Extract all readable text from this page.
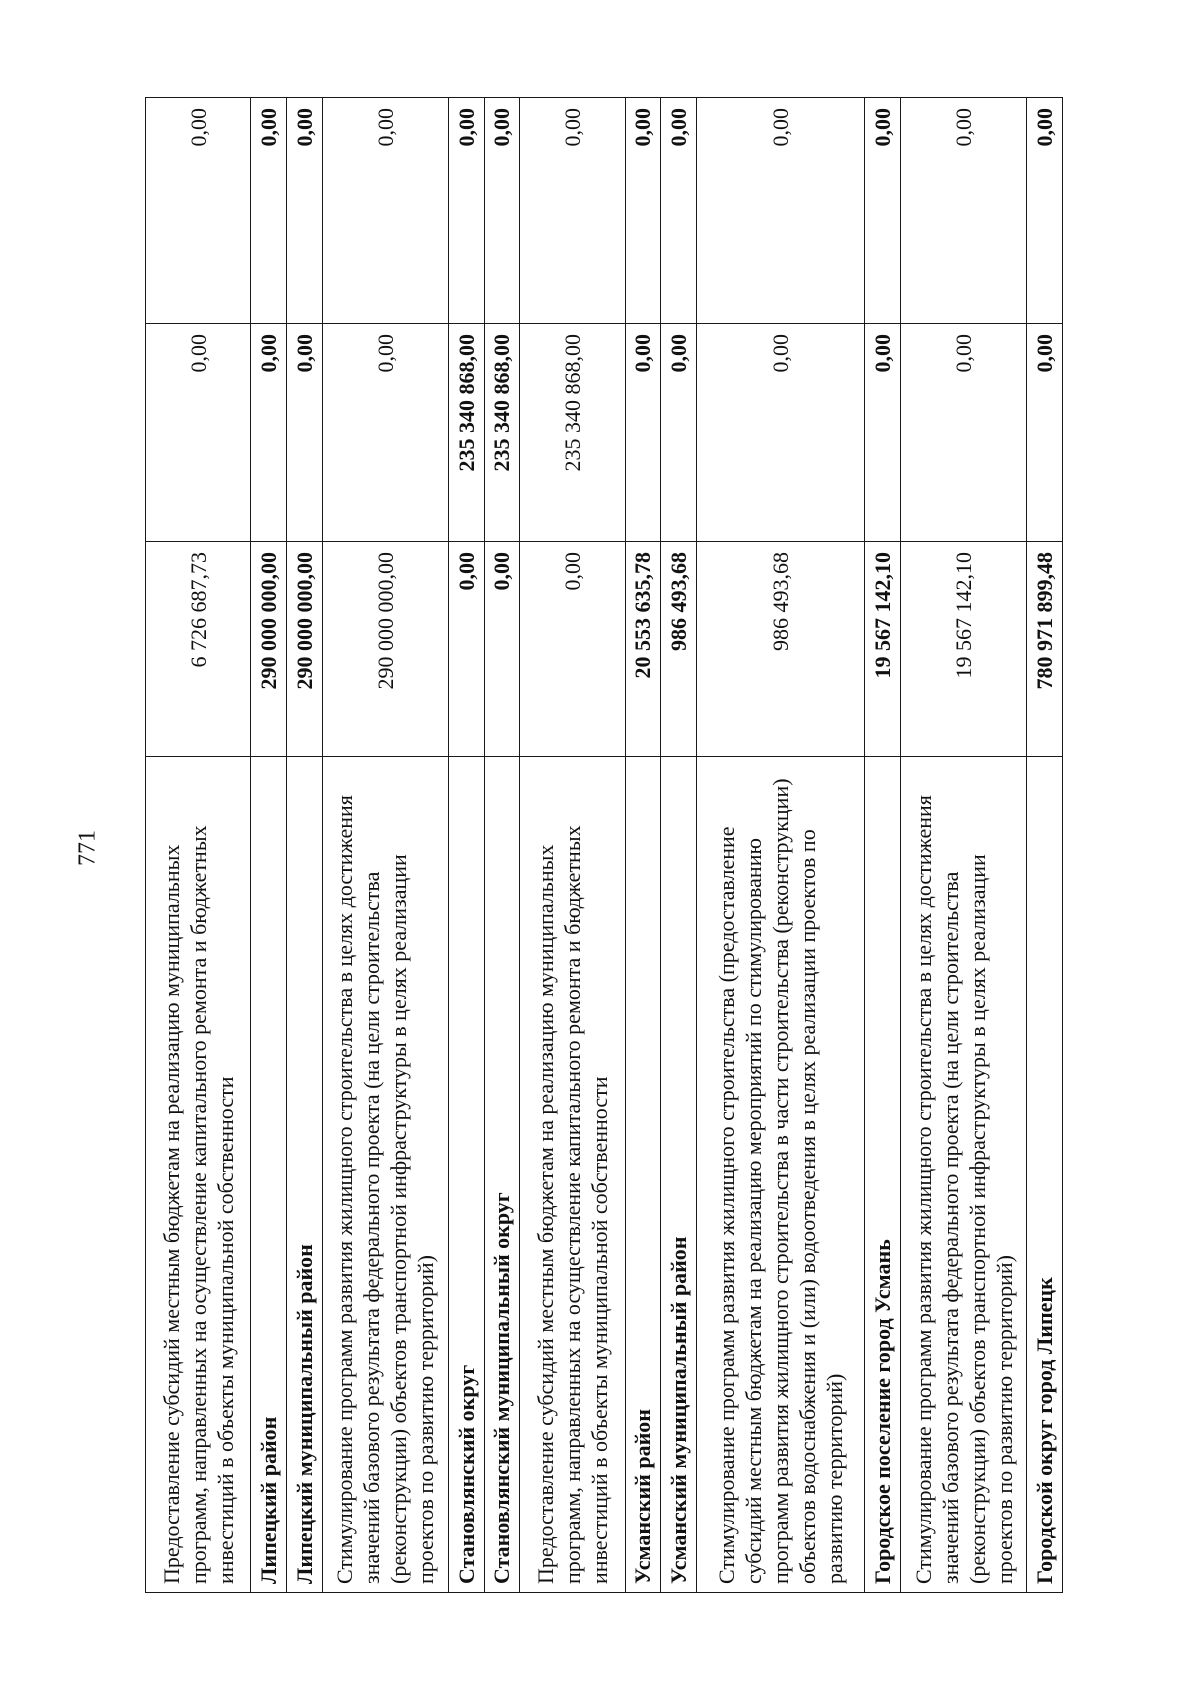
771	Предоставление субсидий местным бюджетам на реализацию муниципальных программ, направленных на осуществление капитального ремонта и бюджетных инвестиций в объекты муниципальной собственности	6 726 687,73	0,00	0,00
Липецкий район	290 000 000,00	0,00	0,00
Липецкий муниципальный район	290 000 000,00	0,00	0,00
Стимулирование программ развития жилищного строительства в целях достижения значений базового результата федерального проекта (на цели строительства (реконструкции) объектов транспортной инфраструктуры в целях реализации проектов по развитию территорий)	290 000 000,00	0,00	0,00
Становлянский округ	0,00	235 340 868,00	0,00
Становлянский муниципальный округ	0,00	235 340 868,00	0,00
Предоставление субсидий местным бюджетам на реализацию муниципальных программ, направленных на осуществление капитального ремонта и бюджетных инвестиций в объекты муниципальной собственности	0,00	235 340 868,00	0,00
Усманский район	20 553 635,78	0,00	0,00
Усманский муниципальный район	986 493,68	0,00	0,00
Стимулирование программ развития жилищного строительства (предоставление субсидий местным бюджетам на реализацию мероприятий по стимулированию программ развития жилищного строительства в части строительства (реконструкции) объектов водоснабжения и (или) водоотведения в целях реализации проектов по развитию территорий)	986 493,68	0,00	0,00
Городское поселение город Усмань	19 567 142,10	0,00	0,00
Стимулирование программ развития жилищного строительства в целях достижения значений базового результата федерального проекта (на цели строительства (реконструкции) объектов транспортной инфраструктуры в целях реализации проектов по развитию территорий)	19 567 142,10	0,00	0,00
Городской округ город Липецк	780 971 899,48	0,00	0,00
